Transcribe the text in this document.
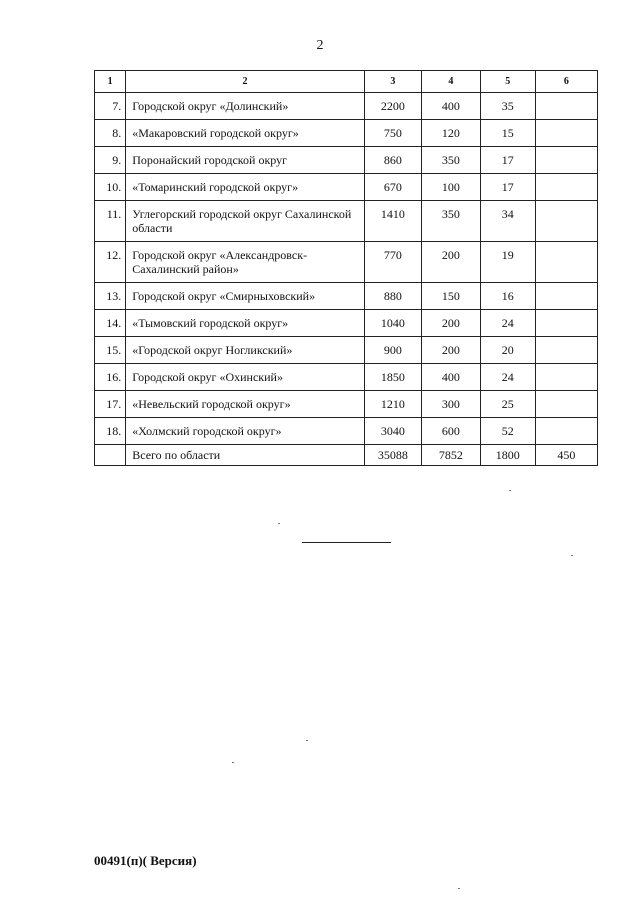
2
1	2	3	4	5	6
7.	Городской округ «Долинский»	2200	400	35	
8.	«Макаровский городской округ»	750	120	15	
9.	Поронайский городской округ	860	350	17	
10.	«Томаринский городской округ»	670	100	17	
11.	Углегорский городской округ Сахалинской области	1410	350	34	
12.	Городской округ «Александровск-Сахалинский район»	770	200	19	
13.	Городской округ «Смирныховский»	880	150	16	
14.	«Тымовский городской округ»	1040	200	24	
15.	«Городской округ Ногликский»	900	200	20	
16.	Городской округ «Охинский»	1850	400	24	
17.	«Невельский городской округ»	1210	300	25	
18.	«Холмский городской округ»	3040	600	52	
	Всего по области	35088	7852	1800	450
00491(п)( Версия)
